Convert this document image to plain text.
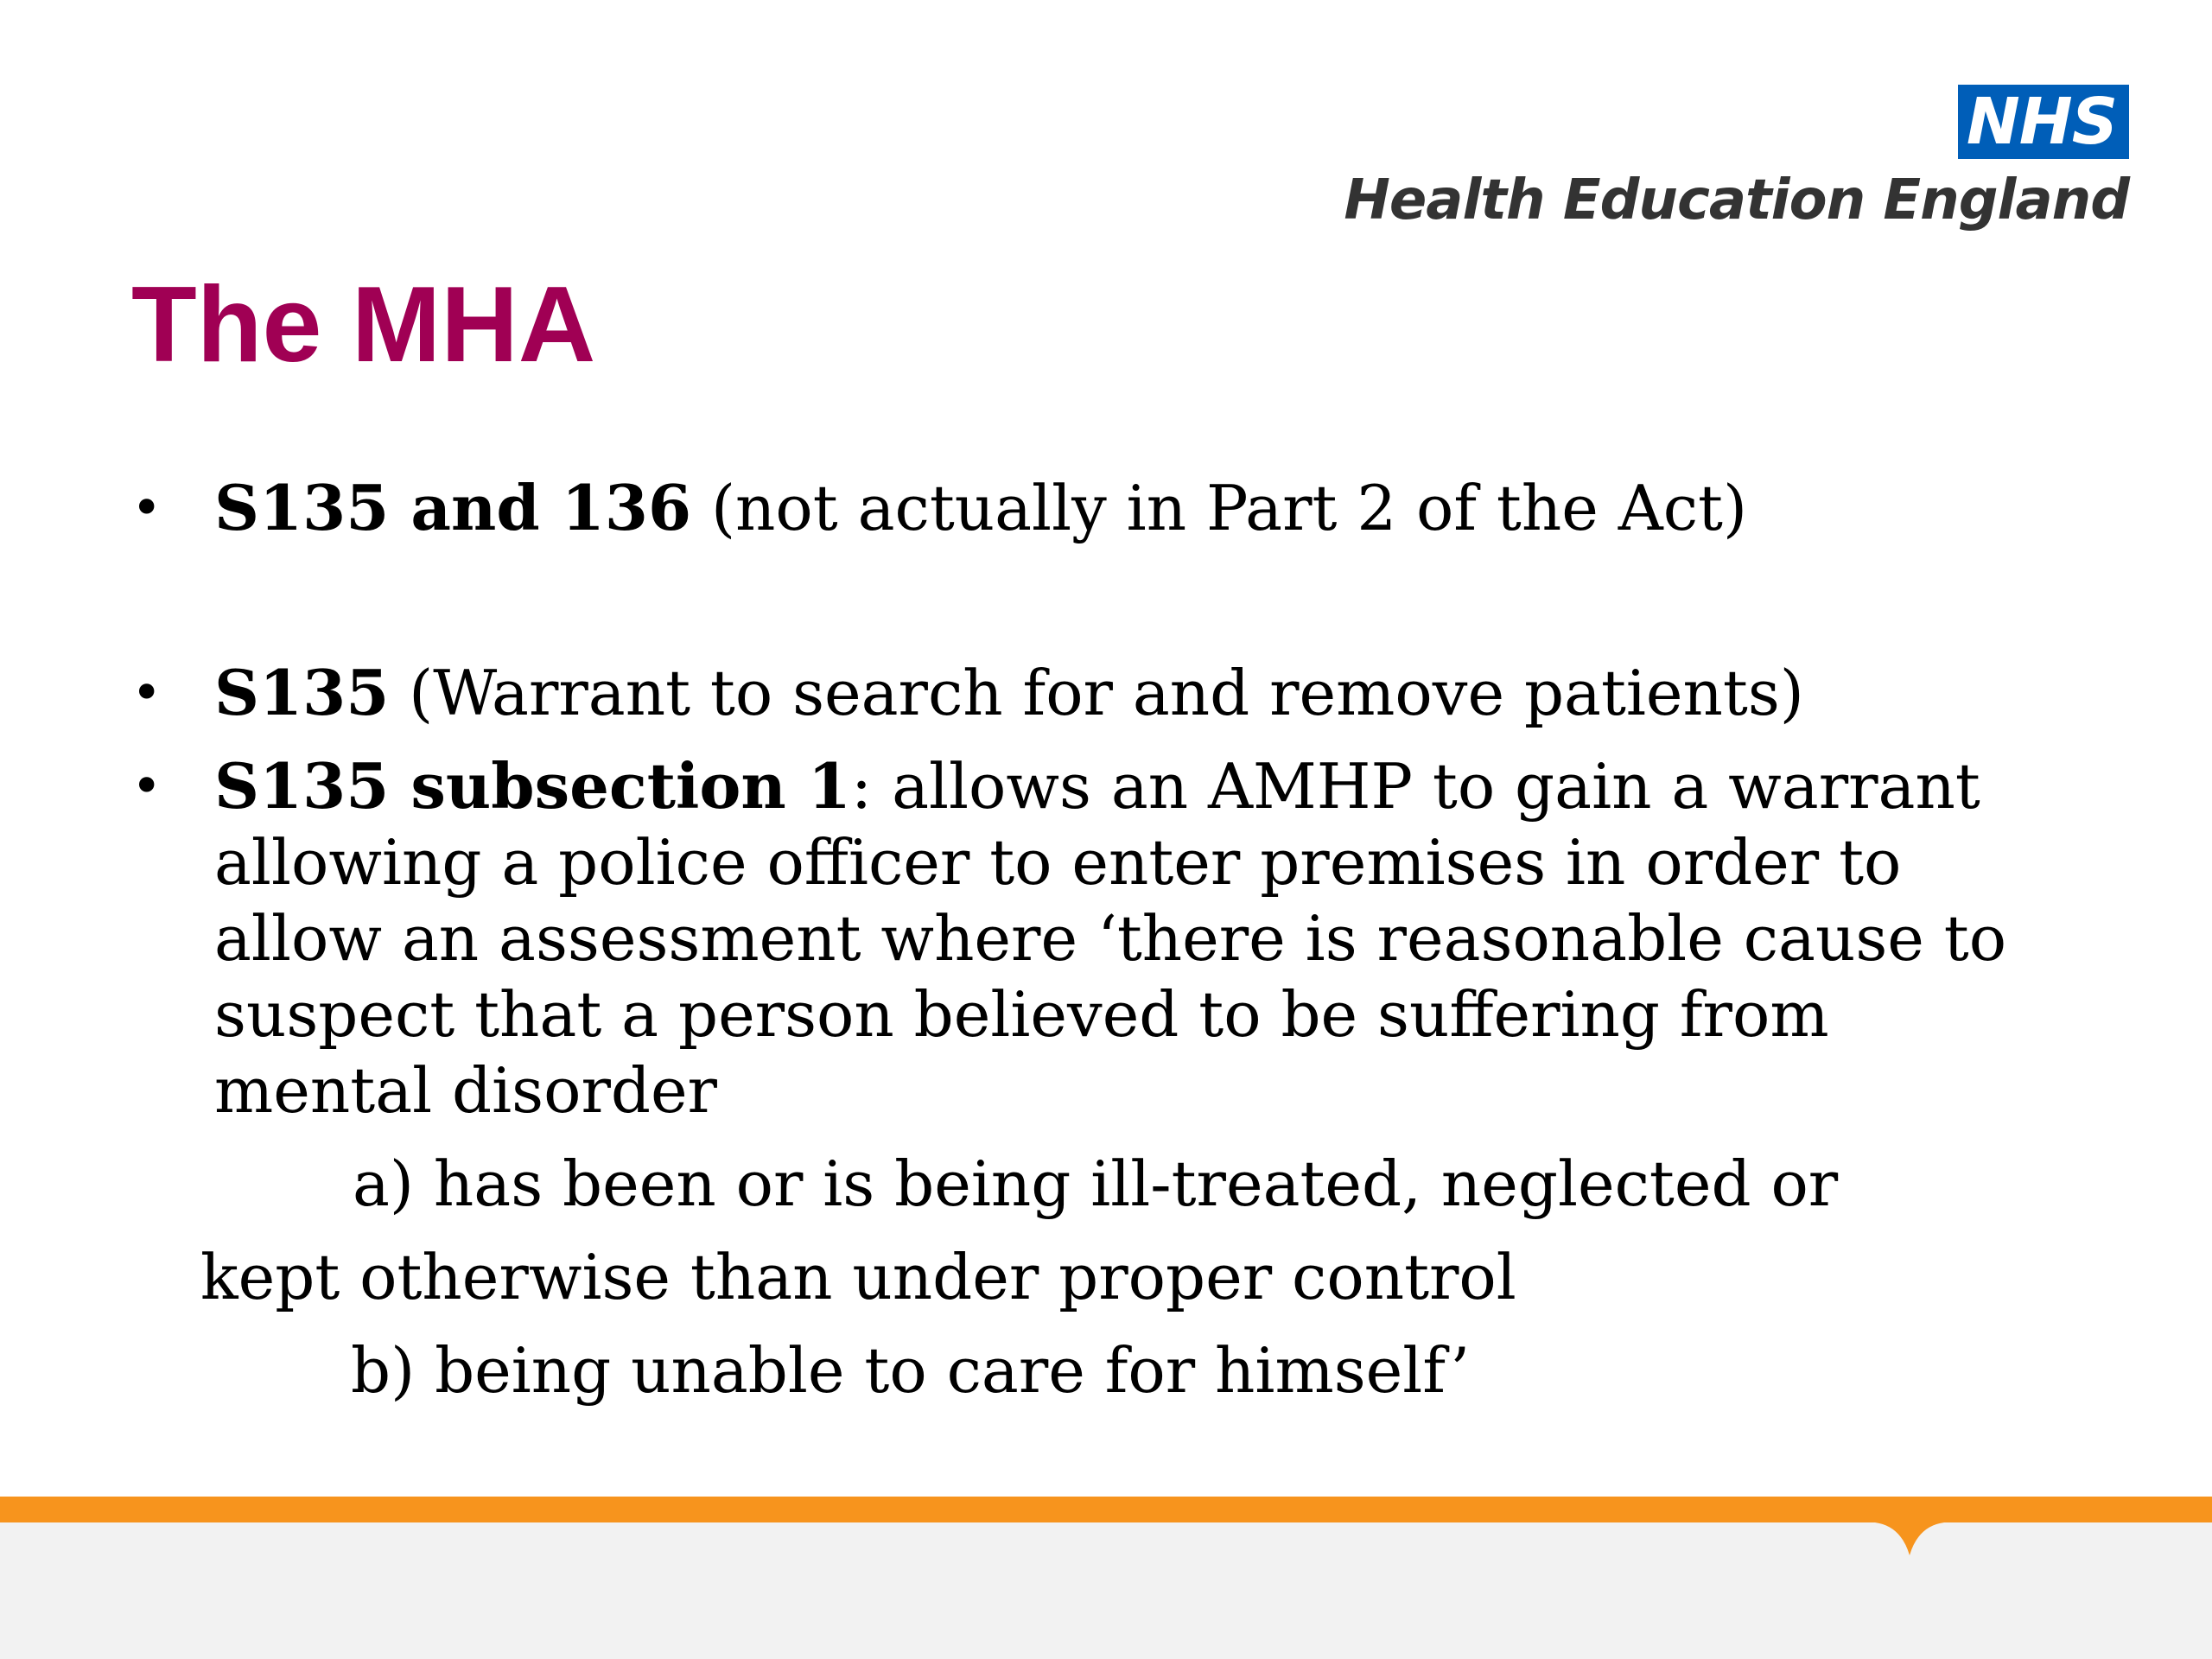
NHS
Health Education England
The MHA
• S135 and 136 (not actually in Part 2 of the Act)
• S135 (Warrant to search for and remove patients)
• S135 subsection 1: allows an AMHP to gain a warrant
allowing a police officer to enter premises in order to
allow an assessment where ‘there is reasonable cause to
suspect that a person believed to be suffering from
mental disorder
a) has been or is being ill-treated, neglected or
kept otherwise than under proper control
b) being unable to care for himself’
